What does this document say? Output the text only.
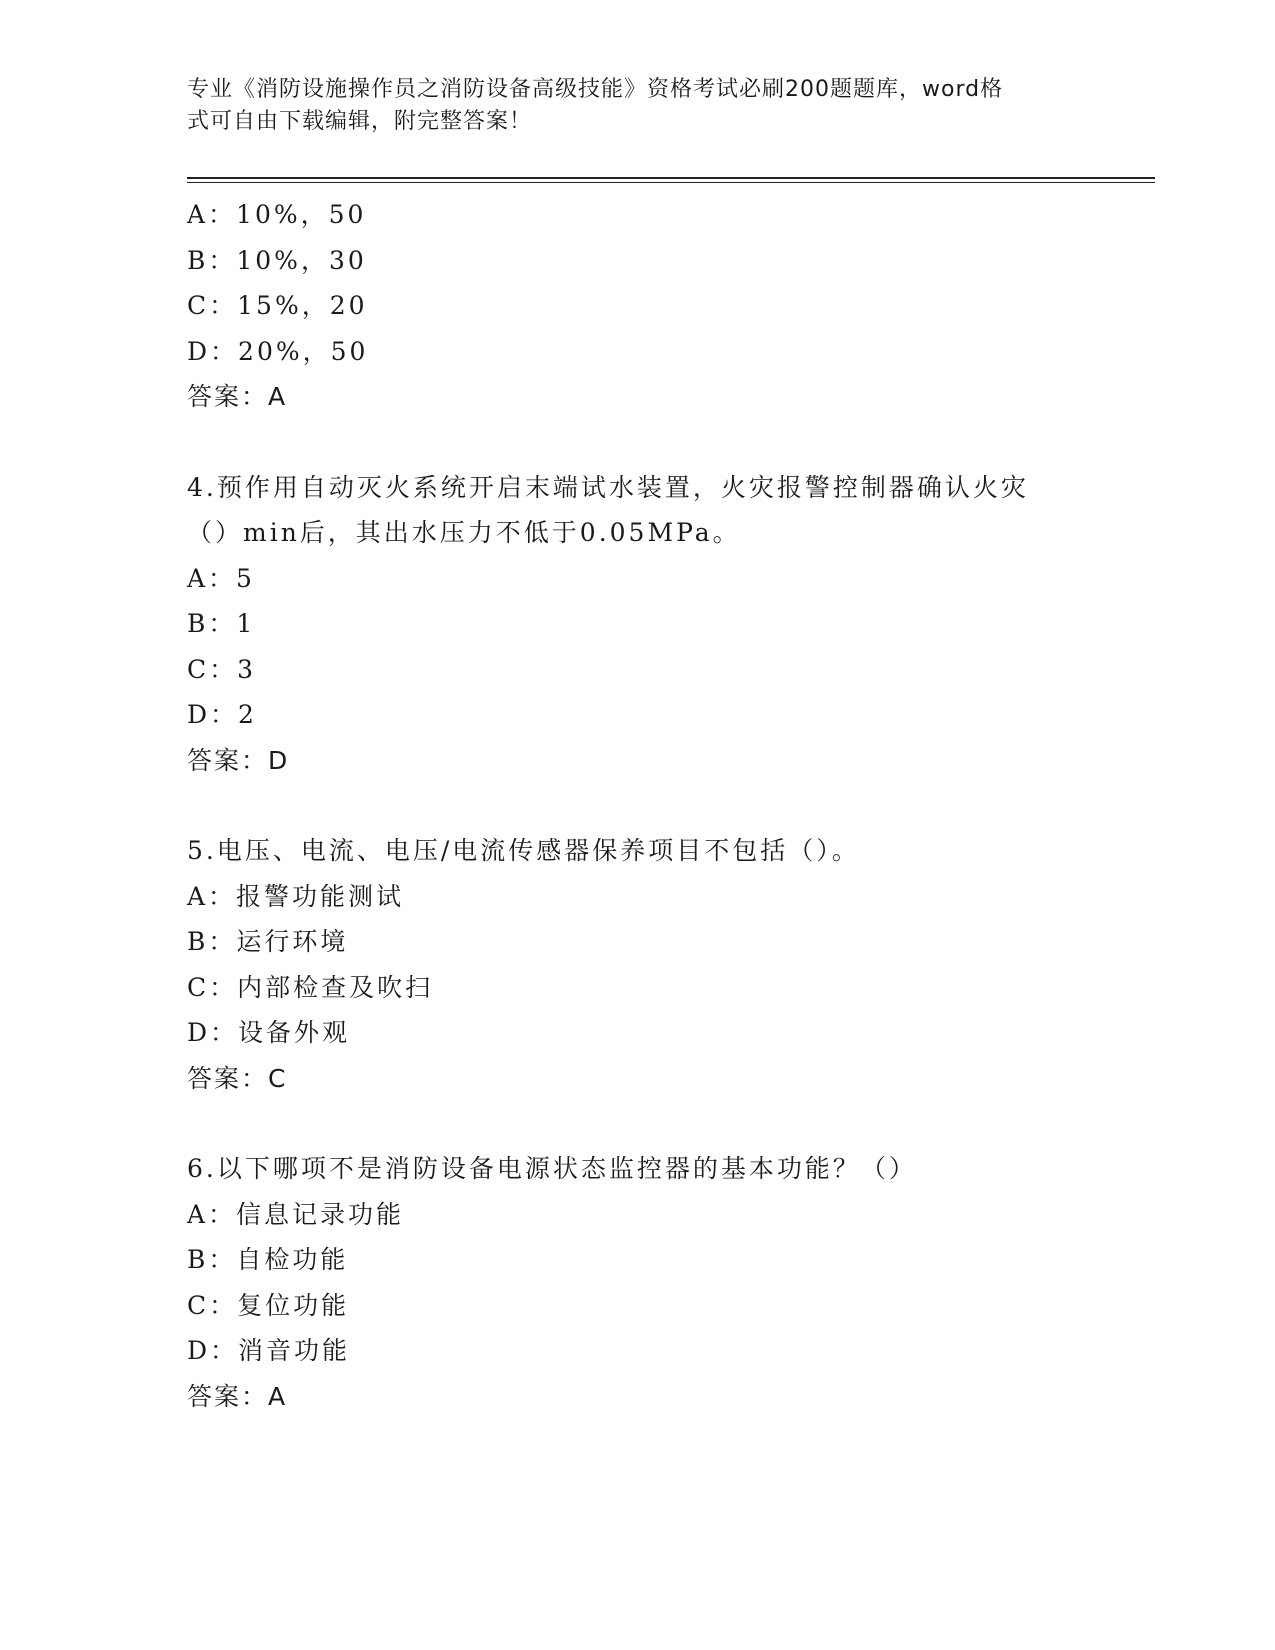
专业《消防设施操作员之消防设备高级技能》资格考试必刷200题题库，word格
式可自由下载编辑，附完整答案！
A：10%，50
B：10%，30
C：15%，20
D：20%，50
答案：A
4.预作用自动灭火系统开启末端试水装置，火灾报警控制器确认火灾
（）min后，其出水压力不低于0.05MPa。
A：5
B：1
C：3
D：2
答案：D
5.电压、电流、电压/电流传感器保养项目不包括（）。
A：报警功能测试
B：运行环境
C：内部检查及吹扫
D：设备外观
答案：C
6.以下哪项不是消防设备电源状态监控器的基本功能？（）
A：信息记录功能
B：自检功能
C：复位功能
D：消音功能
答案：A
